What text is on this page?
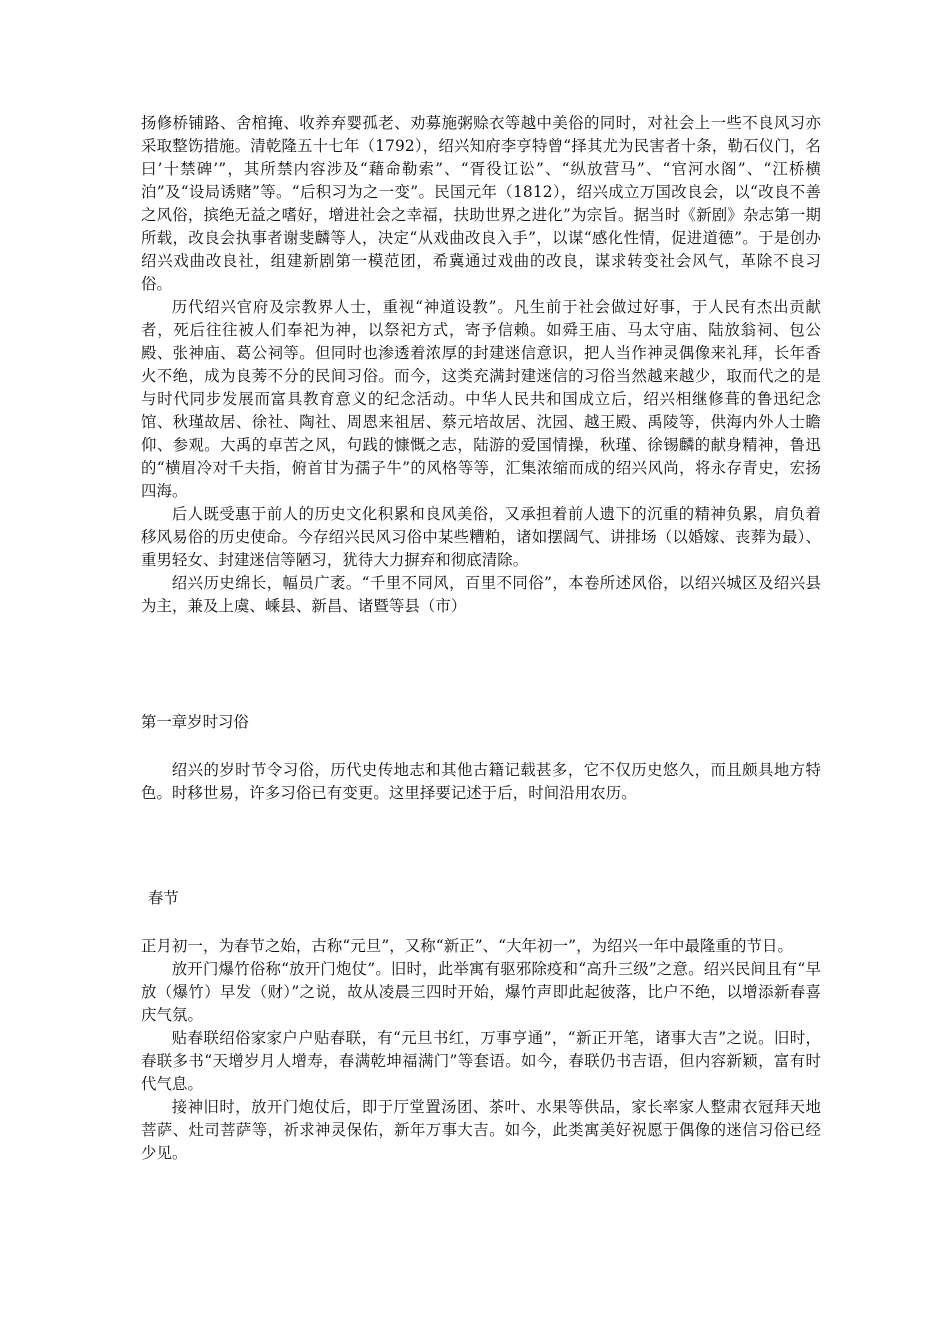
扬修桥铺路、舍棺掩、收养弃婴孤老、劝募施粥赊衣等越中美俗的同时，对社会上一些不良风习亦采取整饬措施。清乾隆五十七年（1792），绍兴知府李亨特曾“择其尤为民害者十条，勒石仪门，名曰’十禁碑’”，其所禁内容涉及“藉命勒索”、“胥役讧讼”、“纵放营马”、“官河水阁”、“江桥横泊”及“设局诱赌”等。“后积习为之一变”。民国元年（1812），绍兴成立万国改良会，以“改良不善之风俗，摈绝无益之嗜好，增进社会之幸福，扶助世界之进化”为宗旨。据当时《新剧》杂志第一期所载，改良会执事者谢斐麟等人，决定“从戏曲改良入手”，以谋“感化性情，促进道德”。于是创办绍兴戏曲改良社，组建新剧第一模范团，希冀通过戏曲的改良，谋求转变社会风气，革除不良习俗。

历代绍兴官府及宗教界人士，重视“神道设教”。凡生前于社会做过好事，于人民有杰出贡献者，死后往往被人们奉祀为神，以祭祀方式，寄予信赖。如舜王庙、马太守庙、陆放翁祠、包公殿、张神庙、葛公祠等。但同时也渗透着浓厚的封建迷信意识，把人当作神灵偶像来礼拜，长年香火不绝，成为良莠不分的民间习俗。而今，这类充满封建迷信的习俗当然越来越少，取而代之的是与时代同步发展而富具教育意义的纪念活动。中华人民共和国成立后，绍兴相继修葺的鲁迅纪念馆、秋瑾故居、徐社、陶社、周恩来祖居、蔡元培故居、沈园、越王殿、禹陵等，供海内外人士瞻仰、参观。大禹的卓苦之风，句践的慷慨之志，陆游的爱国情操，秋瑾、徐锡麟的献身精神，鲁迅的“横眉冷对千夫指，俯首甘为孺子牛”的风格等等，汇集浓缩而成的绍兴风尚，将永存青史，宏扬四海。

后人既受惠于前人的历史文化积累和良风美俗，又承担着前人遗下的沉重的精神负累，肩负着移风易俗的历史使命。今存绍兴民风习俗中某些糟粕，诸如摆阔气、讲排场（以婚嫁、丧葬为最）、重男轻女、封建迷信等陋习，犹待大力摒弃和彻底清除。

绍兴历史绵长，幅员广袤。“千里不同风，百里不同俗”，本卷所述风俗，以绍兴城区及绍兴县为主，兼及上虞、嵊县、新昌、诸暨等县（市）

第一章岁时习俗

绍兴的岁时节令习俗，历代史传地志和其他古籍记载甚多，它不仅历史悠久，而且颇具地方特色。时移世易，许多习俗已有变更。这里择要记述于后，时间沿用农历。

春节

正月初一，为春节之始，古称“元旦”，又称“新正”、“大年初一”，为绍兴一年中最隆重的节日。

放开门爆竹俗称“放开门炮仗”。旧时，此举寓有驱邪除疫和“高升三级”之意。绍兴民间且有“早放（爆竹）早发（财）”之说，故从凌晨三四时开始，爆竹声即此起彼落，比户不绝，以增添新春喜庆气氛。

贴春联绍俗家家户户贴春联，有“元旦书红，万事亨通”，“新正开笔，诸事大吉”之说。旧时，春联多书“天增岁月人增寿，春满乾坤福满门”等套语。如今，春联仍书吉语，但内容新颖，富有时代气息。

接神旧时，放开门炮仗后，即于厅堂置汤团、茶叶、水果等供品，家长率家人整肃衣冠拜天地菩萨、灶司菩萨等，祈求神灵保佑，新年万事大吉。如今，此类寓美好祝愿于偶像的迷信习俗已经少见。
